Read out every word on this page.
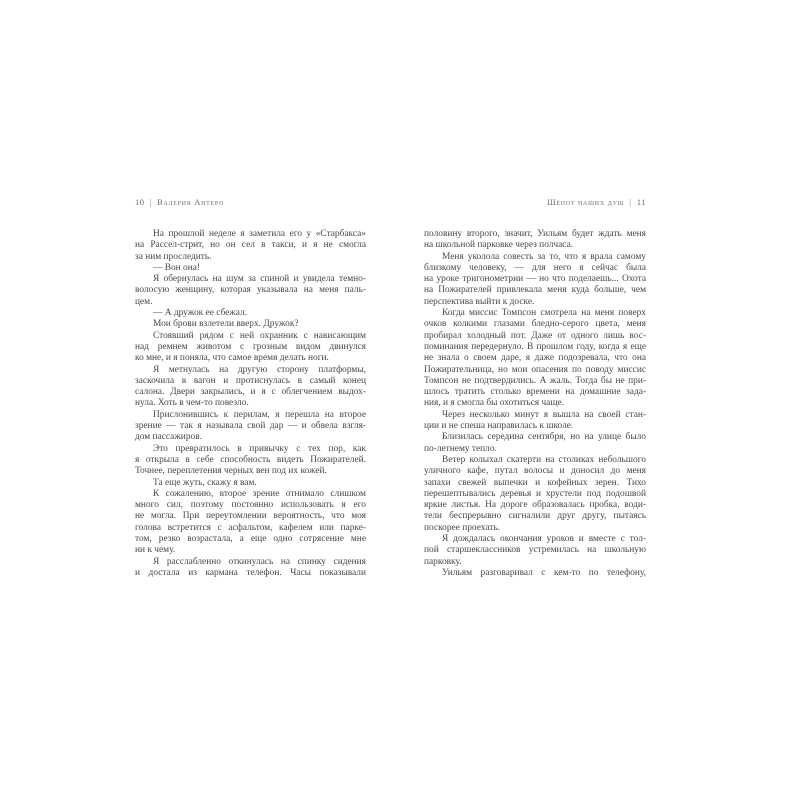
10 | Валерия Антеро
На прошлой неделе я заметила его у «Старбакса»
на Рассел-стрит, но он сел в такси, и я не смогла
за ним проследить.
— Вон она!
Я обернулась на шум за спиной и увидела темно-
волосую женщину, которая указывала на меня паль-
цем.
— А дружок ее сбежал.
Мои брови взлетели вверх. Дружок?
Стоявший рядом с ней охранник с нависающим
над ремнем животом с грозным видом двинулся
ко мне, и я поняла, что самое время делать ноги.
Я метнулась на другую сторону платформы,
заскочила в вагон и протиснулась в самый конец
салона. Двери закрылись, и я с облегчением выдох-
нула. Хоть в чем-то повезло.
Прислонившись к перилам, я перешла на второе
зрение — так я называла свой дар — и обвела взгля-
дом пассажиров.
Это превратилось в привычку с тех пор, как
я открыла в себе способность видеть Пожирателей.
Точнее, переплетения черных вен под их кожей.
Та еще жуть, скажу я вам.
К сожалению, второе зрение отнимало слишком
много сил, поэтому постоянно использовать я его
не могла. При переутомлении вероятность, что моя
голова встретится с асфальтом, кафелем или парке-
том, резко возрастала, а еще одно сотрясение мне
ни к чему.
Я расслабленно откинулась на спинку сидения
и достала из кармана телефон. Часы показывали
Шёпот наших душ | 11
половину второго, значит, Уильям будет ждать меня
на школьной парковке через полчаса.
Меня уколола совесть за то, что я врала самому
близкому человеку, — для него я сейчас была
на уроке тригонометрии — но что поделаешь... Охота
на Пожирателей привлекала меня куда больше, чем
перспектива выйти к доске.
Когда миссис Томпсон смотрела на меня поверх
очков колкими глазами бледно-серого цвета, меня
пробирал холодный пот. Даже от одного лишь вос-
поминания передернуло. В прошлом году, когда я еще
не знала о своем даре, я даже подозревала, что она
Пожирательница, но мои опасения по поводу миссис
Томпсон не подтвердились. А жаль. Тогда бы не при-
шлось тратить столько времени на домашние зада-
ния, и я смогла бы охотиться чаще.
Через несколько минут я вышла на своей стан-
ции и не спеша направилась к школе.
Близилась середина сентября, но на улице было
по-летнему тепло.
Ветер колыхал скатерти на столиках небольшого
уличного кафе, путал волосы и доносил до меня
запахи свежей выпечки и кофейных зерен. Тихо
перешептывались деревья и хрустели под подошвой
яркие листья. На дороге образовалась пробка, води-
тели беспрерывно сигналили друг другу, пытаясь
поскорее проехать.
Я дождалась окончания уроков и вместе с тол-
пой старшеклассников устремилась на школьную
парковку.
Уильям разговаривал с кем-то по телефону,
